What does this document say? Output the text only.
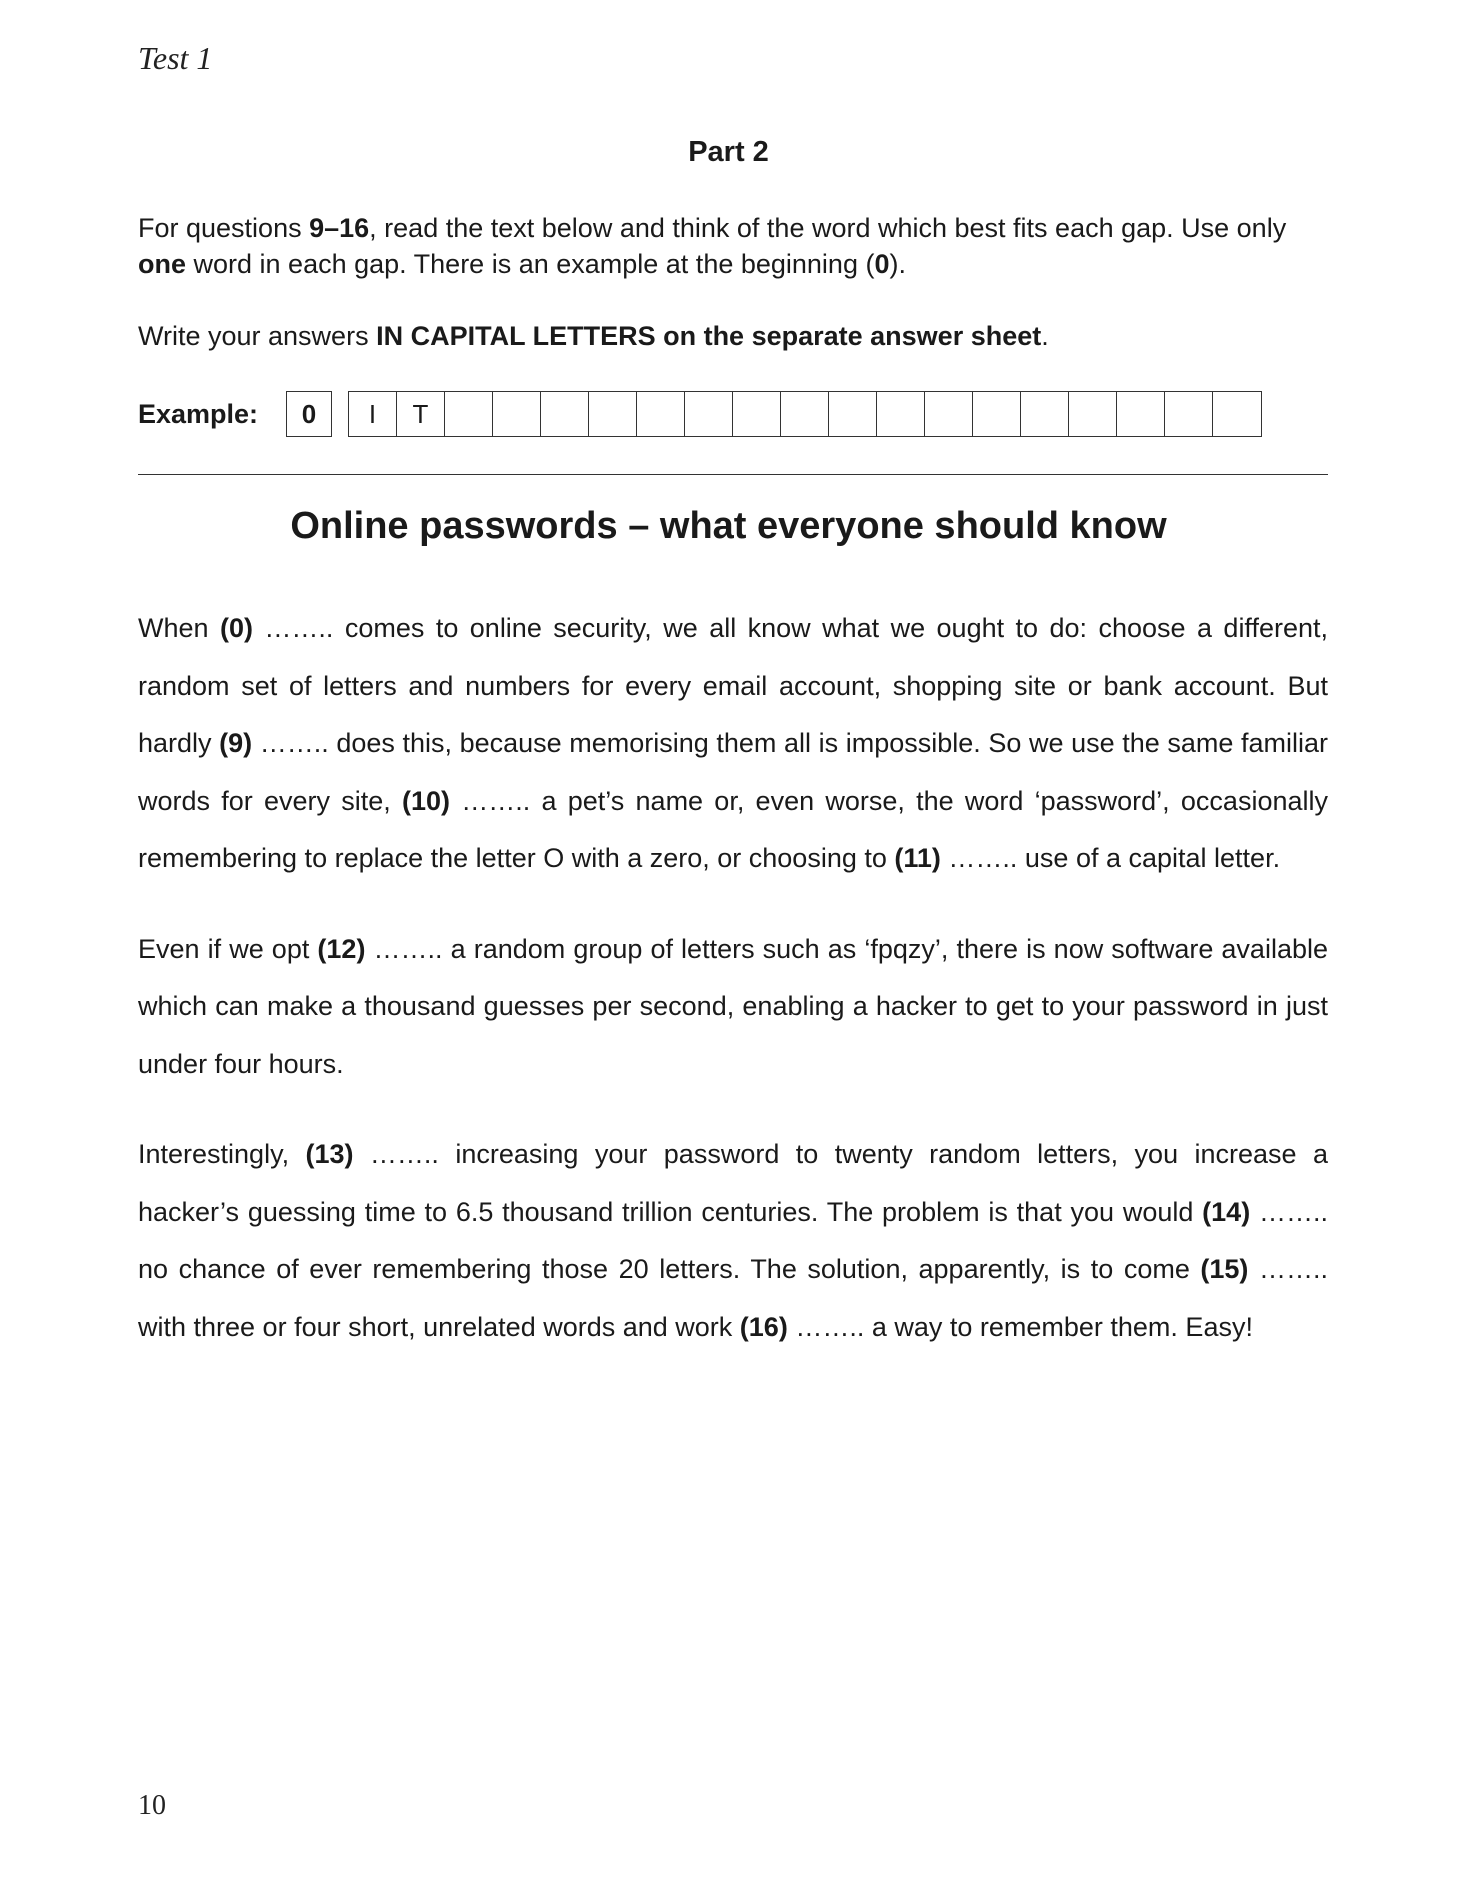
Test 1
Part 2

For questions 9–16, read the text below and think of the word which best fits each gap. Use only one word in each gap. There is an example at the beginning (0).

Write your answers IN CAPITAL LETTERS on the separate answer sheet.

Example:	0	I	T
Online passwords – what everyone should know

When (0) …….. comes to online security, we all know what we ought to do: choose a different, random set of letters and numbers for every email account, shopping site or bank account. But hardly (9) …….. does this, because memorising them all is impossible. So we use the same familiar words for every site, (10) …….. a pet’s name or, even worse, the word ‘password’, occasionally remembering to replace the letter O with a zero, or choosing to (11) …….. use of a capital letter.

Even if we opt (12) …….. a random group of letters such as ‘fpqzy’, there is now software available which can make a thousand guesses per second, enabling a hacker to get to your password in just under four hours.

Interestingly, (13) …….. increasing your password to twenty random letters, you increase a hacker’s guessing time to 6.5 thousand trillion centuries. The problem is that you would (14) …….. no chance of ever remembering those 20 letters. The solution, apparently, is to come (15) …….. with three or four short, unrelated words and work (16) …….. a way to remember them. Easy!

10
